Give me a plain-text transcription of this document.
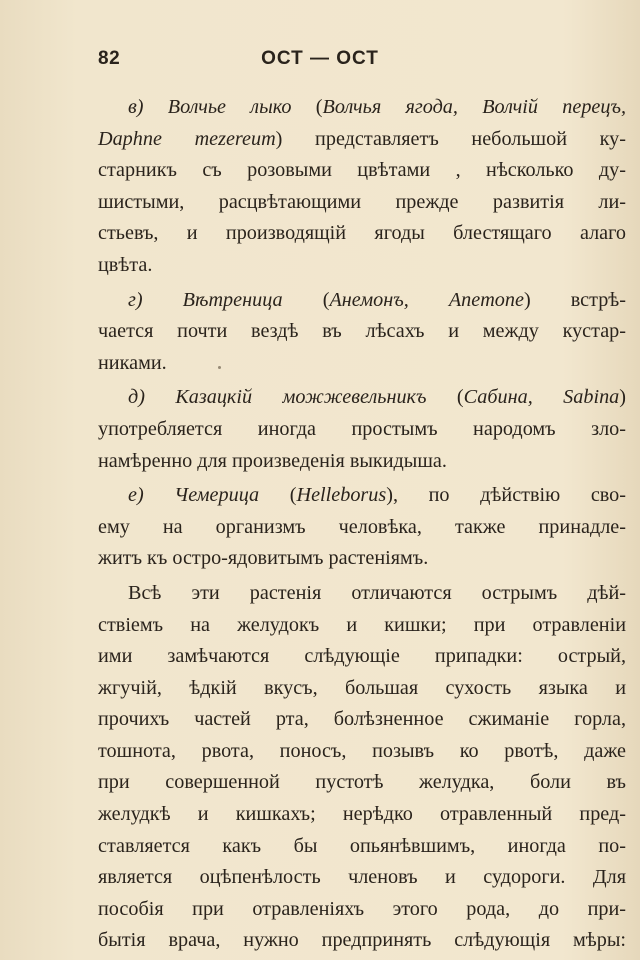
82	ОСТ — ОСТ
в) Волчье лыко (Волчья ягода, Волчій перецъ,
Daphne mezereum) представляетъ небольшой ку-
старникъ съ розовыми цвѣтами , нѣсколько ду-
шистыми, расцвѣтающими прежде развитія ли-
стьевъ, и производящій ягоды блестящаго алаго
цвѣта.
г) Вѣтреница (Анемонъ, Anemone) встрѣ-
чается почти вездѣ въ лѣсахъ и между кустар-
никами.
д) Казацкій можжевельникъ (Сабина, Sabina)
употребляется иногда простымъ народомъ зло-
намѣренно для произведенія выкидыша.
е) Чемерица (Helleborus), по дѣйствію сво-
ему на организмъ человѣка, также принадле-
житъ къ остро-ядовитымъ растеніямъ.
Всѣ эти растенія отличаются острымъ дѣй-
ствіемъ на желудокъ и кишки; при отравленіи
ими замѣчаются слѣдующіе припадки: острый,
жгучій, ѣдкій вкусъ, большая сухость языка и
прочихъ частей рта, болѣзненное сжиманіе горла,
тошнота, рвота, поносъ, позывъ ко рвотѣ, даже
при совершенной пустотѣ желудка, боли въ
желудкѣ и кишкахъ; нерѣдко отравленный пред-
ставляется какъ бы опьянѣвшимъ, иногда по-
является оцѣпенѣлость членовъ и судороги. Для
пособія при отравленіяхъ этого рода, до при-
бытія врача, нужно предпринять слѣдующія мѣры:
